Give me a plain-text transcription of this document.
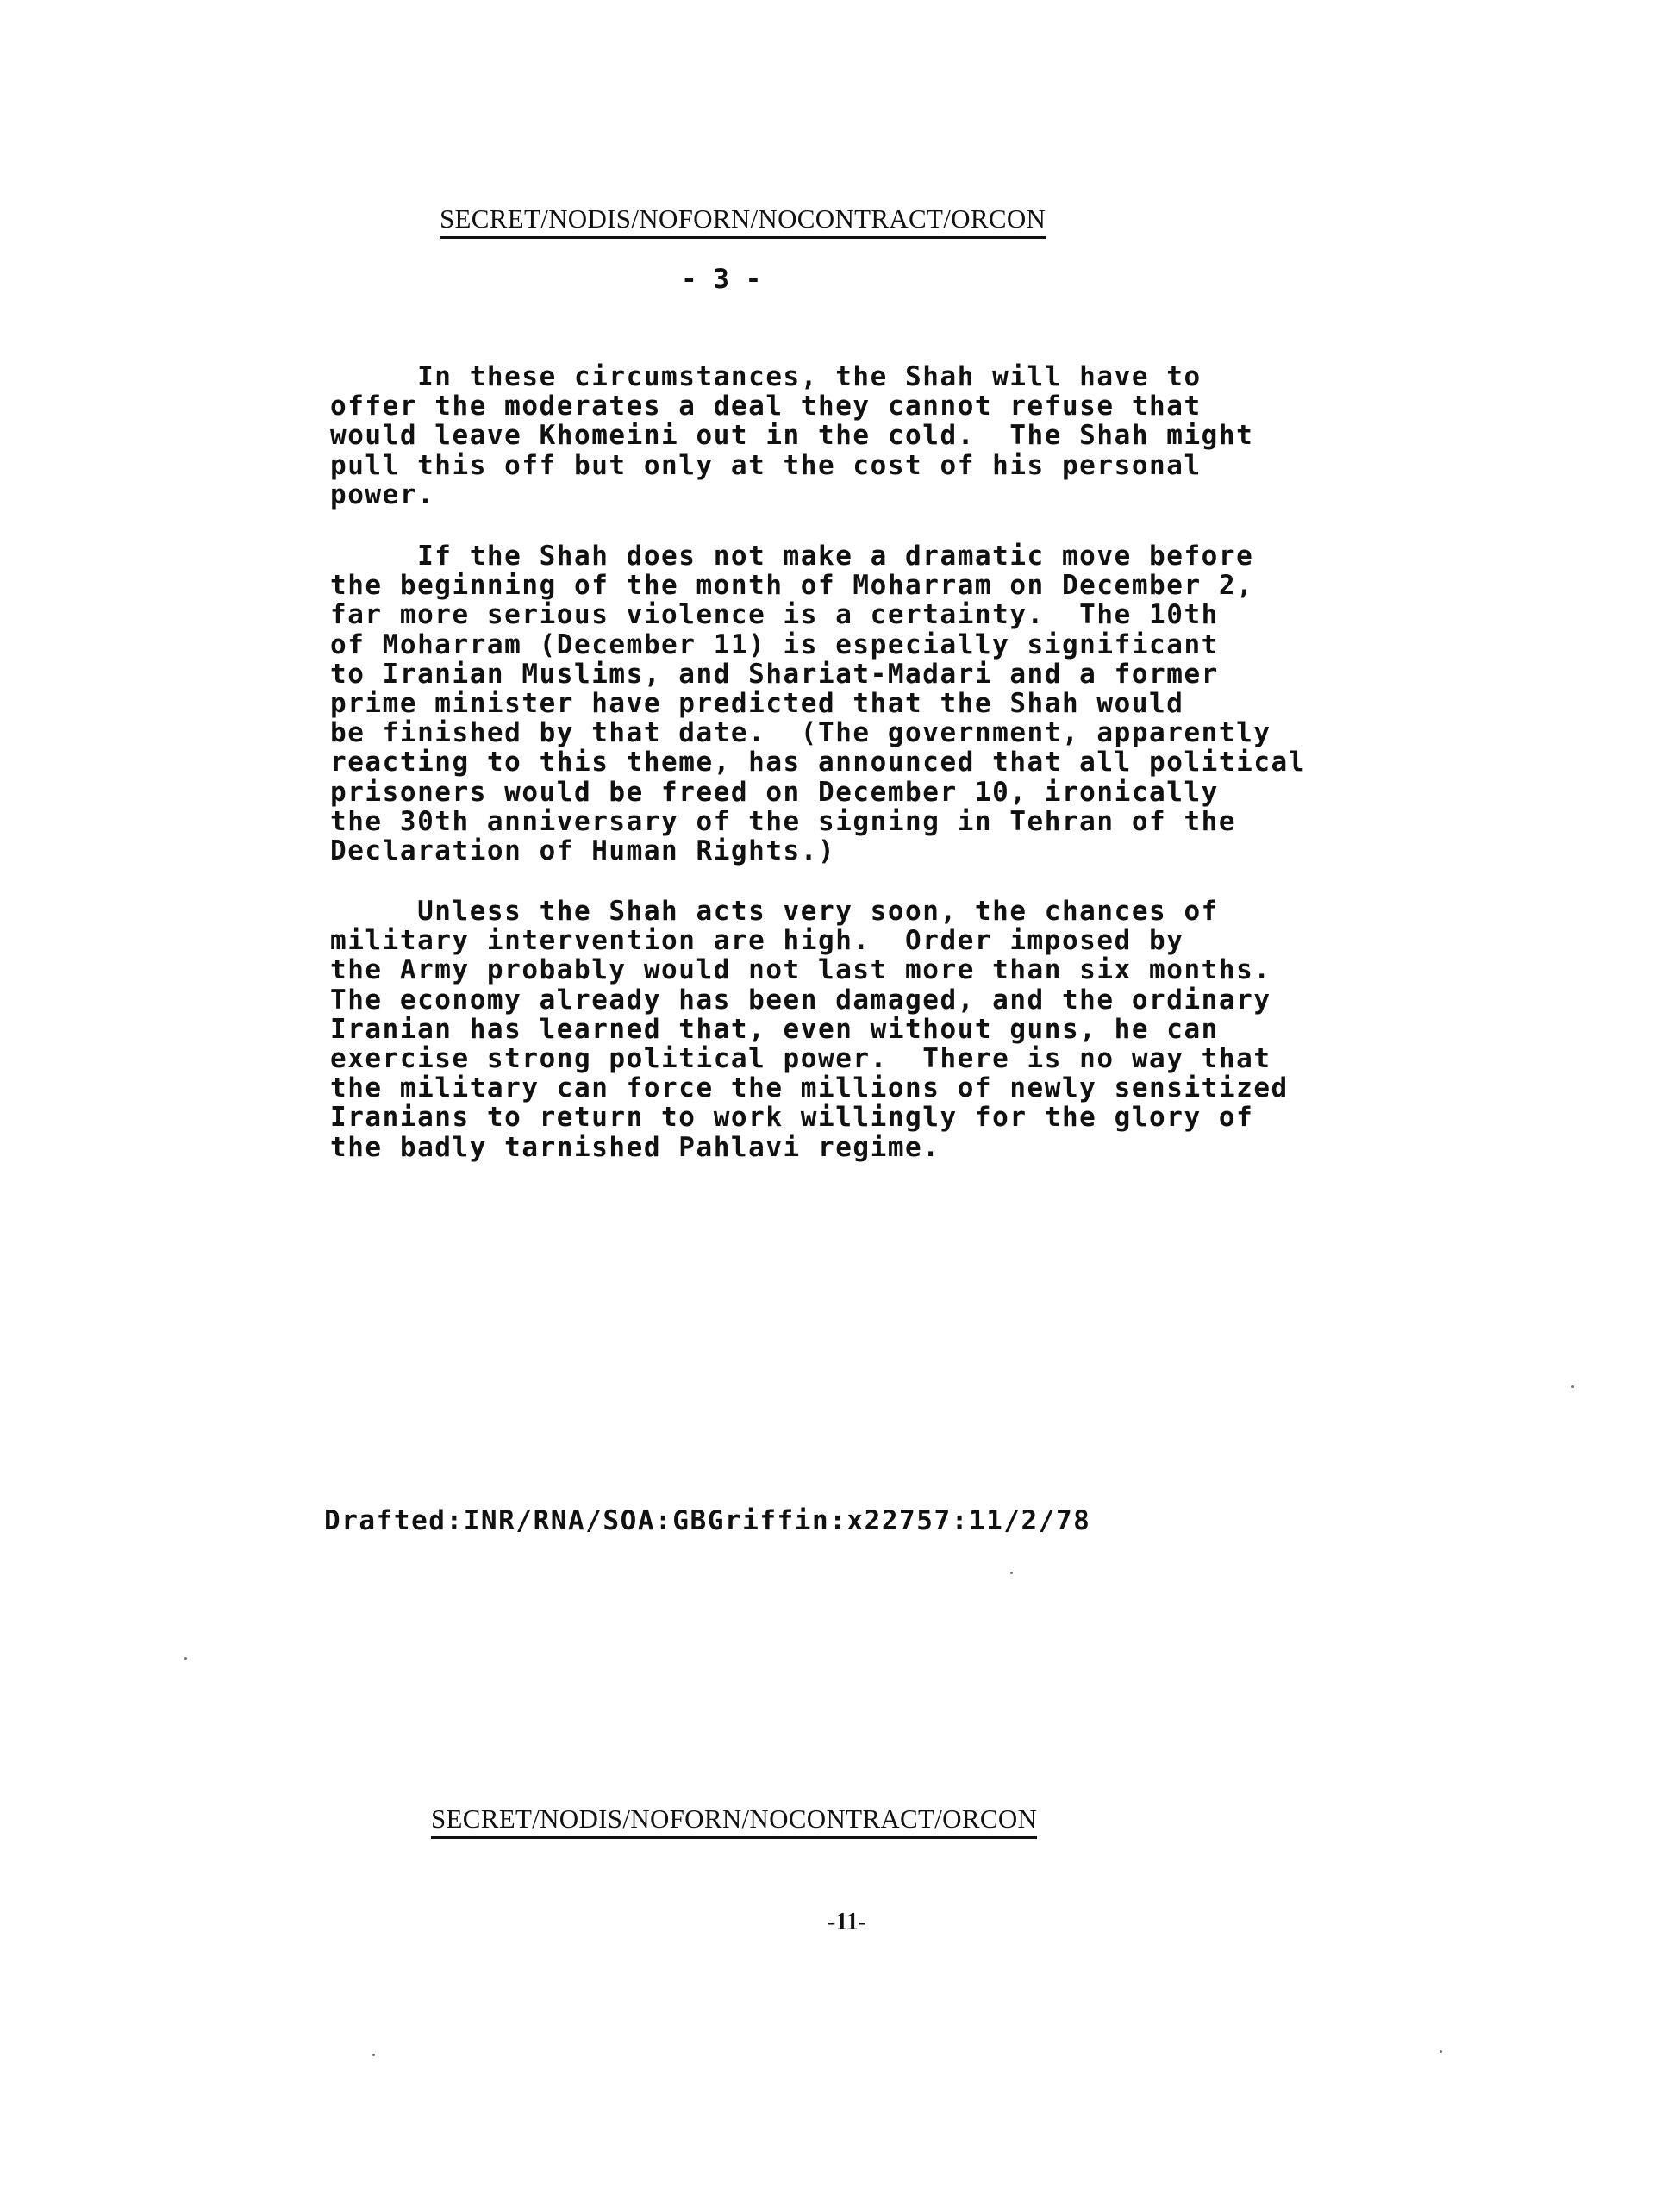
SECRET/NODIS/NOFORN/NOCONTRACT/ORCON
- 3 -
In these circumstances, the Shah will have to
offer the moderates a deal they cannot refuse that
would leave Khomeini out in the cold.  The Shah might
pull this off but only at the cost of his personal
power.
If the Shah does not make a dramatic move before
the beginning of the month of Moharram on December 2,
far more serious violence is a certainty.  The 10th
of Moharram (December 11) is especially significant
to Iranian Muslims, and Shariat-Madari and a former
prime minister have predicted that the Shah would
be finished by that date.  (The government, apparently
reacting to this theme, has announced that all political
prisoners would be freed on December 10, ironically
the 30th anniversary of the signing in Tehran of the
Declaration of Human Rights.)
Unless the Shah acts very soon, the chances of
military intervention are high.  Order imposed by
the Army probably would not last more than six months.
The economy already has been damaged, and the ordinary
Iranian has learned that, even without guns, he can
exercise strong political power.  There is no way that
the military can force the millions of newly sensitized
Iranians to return to work willingly for the glory of
the badly tarnished Pahlavi regime.
Drafted:INR/RNA/SOA:GBGriffin:x22757:11/2/78
SECRET/NODIS/NOFORN/NOCONTRACT/ORCON
-11-
